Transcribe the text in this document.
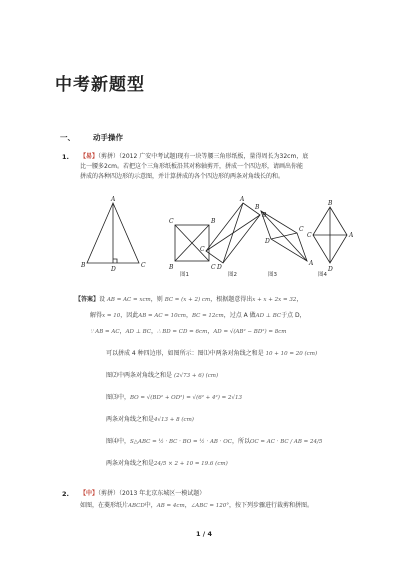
中考新题型
一、 动手操作
1. 【易】（剪拼）（2012 广安中考试题)现有一块等腰三角形纸板，量得周长为32cm，底
比一腰多2cm。若把这个三角形纸板沿其对称轴剪开，拼成一个四边形，请画出你能
拼成的各种四边形的示意图，并计算拼成的各个四边形的两条对角线长的和。
A
B
D
C
C	B
B	C
A
B
C
D
B
C
A
D
B
A
D
C
图1	图2	图3	图4
【答案】设 AB = AC = xcm，则 BC = (x + 2) cm，根据题意得出x + x + 2x = 32，
解得x = 10，因此AB = AC = 10cm，BC = 12cm，过点 A 做AD ⊥ BC于点 D，
∵ AB = AC，AD ⊥ BC，∴ BD = CD = 6cm，AD = √(AB² − BD²) = 8cm
可以拼成 4 种四边形，如图所示：图⑴中两条对角线之和是 10 + 10 = 20 (cm)
图⑵中两条对角线之和是 (2√73 + 6) (cm)
图⑶中，BO = √(BD² + OD²) = √(6² + 4²) = 2√13
两条对角线之和是4√13 + 8 (cm)
图⑷中，S△ABC = ½ · BC · BO = ½ · AB · OC，所以OC = AC · BC / AB = 24/5
两条对角线之和是24/5 × 2 + 10 = 19.6 (cm)
2. 【中】（剪拼）（2013 年北京东城区一模试题）
如图，在菱形纸片ABCD中，AB = 4cm，∠ABC = 120°，按下列步骤进行裁剪和拼图。
1 / 4
